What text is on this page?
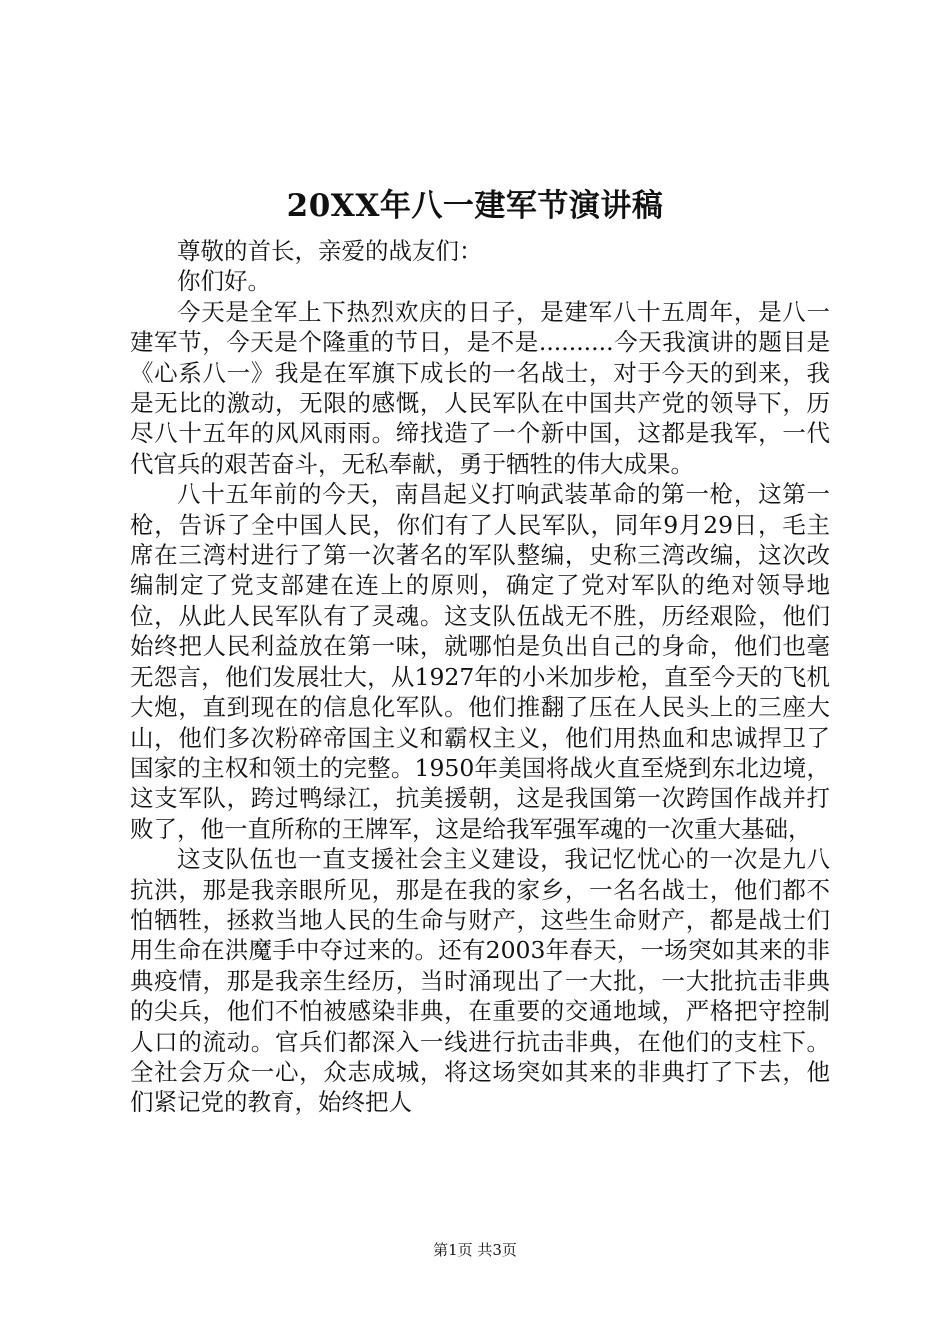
20XX年八一建军节演讲稿

尊敬的首长，亲爱的战友们：

你们好。

今天是全军上下热烈欢庆的日子，是建军八十五周年，是八一建军节，今天是个隆重的节日，是不是..........今天我演讲的题目是《心系八一》我是在军旗下成长的一名战士，对于今天的到来，我是无比的激动，无限的感慨，人民军队在中国共产党的领导下，历尽八十五年的风风雨雨。缔找造了一个新中国，这都是我军，一代代官兵的艰苦奋斗，无私奉献，勇于牺牲的伟大成果。

八十五年前的今天，南昌起义打响武装革命的第一枪，这第一枪，告诉了全中国人民，你们有了人民军队，同年9月29日，毛主席在三湾村进行了第一次著名的军队整编，史称三湾改编，这次改编制定了党支部建在连上的原则，确定了党对军队的绝对领导地位，从此人民军队有了灵魂。这支队伍战无不胜，历经艰险，他们始终把人民利益放在第一味，就哪怕是负出自己的身命，他们也毫无怨言，他们发展壮大，从1927年的小米加步枪，直至今天的飞机大炮，直到现在的信息化军队。他们推翻了压在人民头上的三座大山，他们多次粉碎帝国主义和霸权主义，他们用热血和忠诚捍卫了国家的主权和领土的完整。1950年美国将战火直至烧到东北边境，这支军队，跨过鸭绿江，抗美援朝，这是我国第一次跨国作战并打败了，他一直所称的王牌军，这是给我军强军魂的一次重大基础，

这支队伍也一直支援社会主义建设，我记忆忧心的一次是九八抗洪，那是我亲眼所见，那是在我的家乡，一名名战士，他们都不怕牺牲，拯救当地人民的生命与财产，这些生命财产，都是战士们用生命在洪魔手中夺过来的。还有2003年春天，一场突如其来的非典疫情，那是我亲生经历，当时涌现出了一大批，一大批抗击非典的尖兵，他们不怕被感染非典，在重要的交通地域，严格把守控制人口的流动。官兵们都深入一线进行抗击非典，在他们的支柱下。全社会万众一心，众志成城，将这场突如其来的非典打了下去，他们紧记党的教育，始终把人

第1页 共3页
